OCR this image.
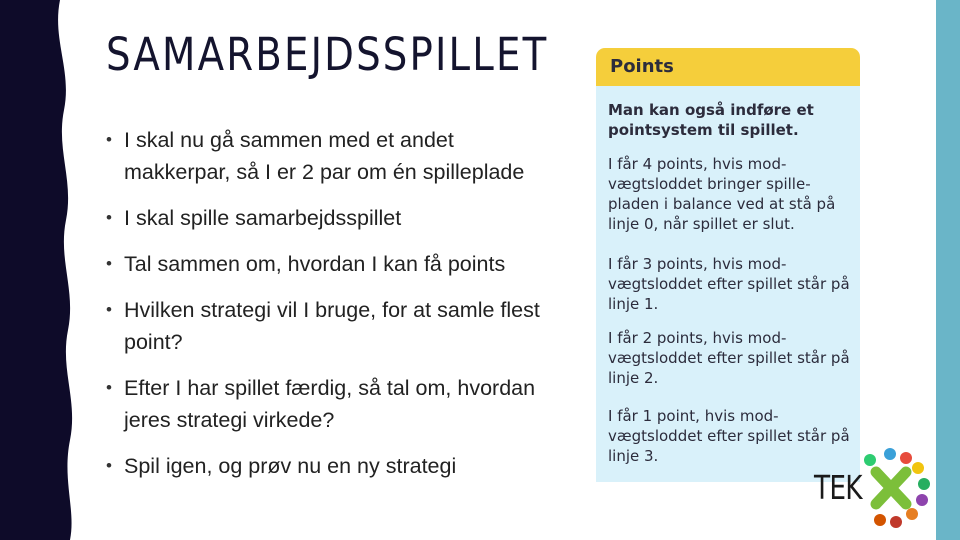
SAMARBEJDSSPILLET
• I skal nu gå sammen med et andet makkerpar, så I er 2 par om én spilleplade
• I skal spille samarbejdsspillet
• Tal sammen om, hvordan I kan få points
• Hvilken strategi vil I bruge, for at samle flest point?
• Efter I har spillet færdig, så tal om, hvordan jeres strategi virkede?
• Spil igen, og prøv nu en ny strategi
Points
Man kan også indføre et pointsystem til spillet.
I får 4 points, hvis mod-vægtsloddet bringer spille-pladen i balance ved at stå på linje 0, når spillet er slut.
I får 3 points, hvis mod-vægtsloddet efter spillet står på linje 1.
I får 2 points, hvis mod-vægtsloddet efter spillet står på linje 2.
I får 1 point, hvis mod-vægtsloddet efter spillet står på linje 3.
TEK
